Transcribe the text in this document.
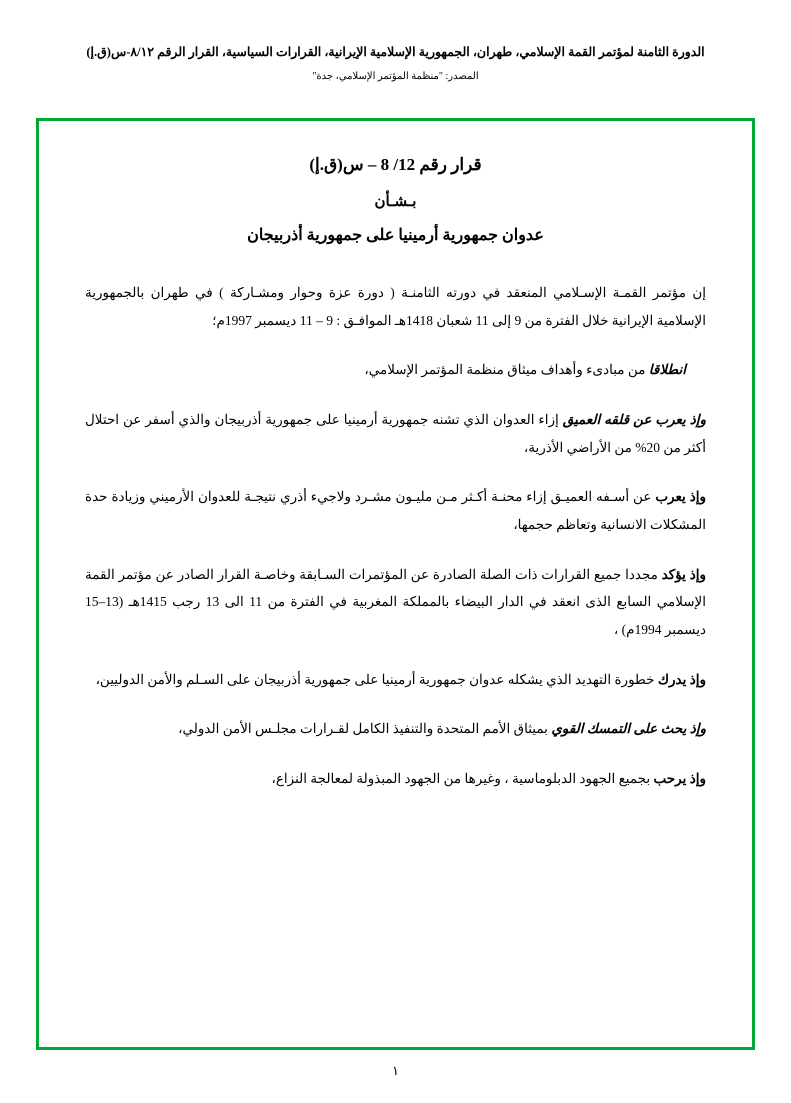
الدورة الثامنة لمؤتمر القمة الإسلامي، طهران، الجمهورية الإسلامية الإيرانية، القرارات السياسية، القرار الرقم ٨/١٢-س(ق.إ)
المصدر: "منظمة المؤتمر الإسلامي، جدة"
قرار رقم 12/ 8 – س(ق.إ)
بـشـأن
عدوان جمهورية أرمينيا على جمهورية أذربيجان

إن مؤتمر القمـة الإسـلامي المنعقد في دورته الثامنـة ( دورة عزة وحوار ومشـاركة ) في طهران بالجمهورية الإسلامية الإيرانية خلال الفترة من 9 إلى 11 شعبان 1418هـ الموافـق : 9 – 11 ديسمبر 1997م؛

انطلاقا من مبادىء وأهداف ميثاق منظمة المؤتمر الإسلامي،

وإذ يعرب عن قلقه العميق إزاء العدوان الذي تشنه جمهورية أرمينيا على جمهورية أذربيجان والذي أسفر عن احتلال أكثر من 20% من الأراضي الأذرية،

وإذ يعرب عن أسـفه العميـق إزاء محنـة أكـثر مـن مليـون مشـرد ولاجيء أذري نتيجـة للعدوان الأرميني وزيادة حدة المشكلات الانسانية وتعاظم حجمها،

وإذ يؤكد مجددا جميع القرارات ذات الصلة الصادرة عن المؤتمرات السـابقة وخاصـة القرار الصادر عن مؤتمر القمة الإسلامي السابع الذى انعقد في الدار البيضاء بالمملكة المغربية في الفترة من 11 الى 13 رجب 1415هـ (13–15 ديسمبر 1994م) ،

وإذ يدرك خطورة التهديد الذي يشكله عدوان جمهورية أرمينيا على جمهورية أذربيجان على السـلم والأمن الدوليين،

وإذ يحث على التمسك القوي بميثاق الأمم المتحدة والتنفيذ الكامل لقـرارات مجلـس الأمن الدولي،

وإذ يرحب بجميع الجهود الدبلوماسية ، وغيرها من الجهود المبذولة لمعالجة النزاع،

١
